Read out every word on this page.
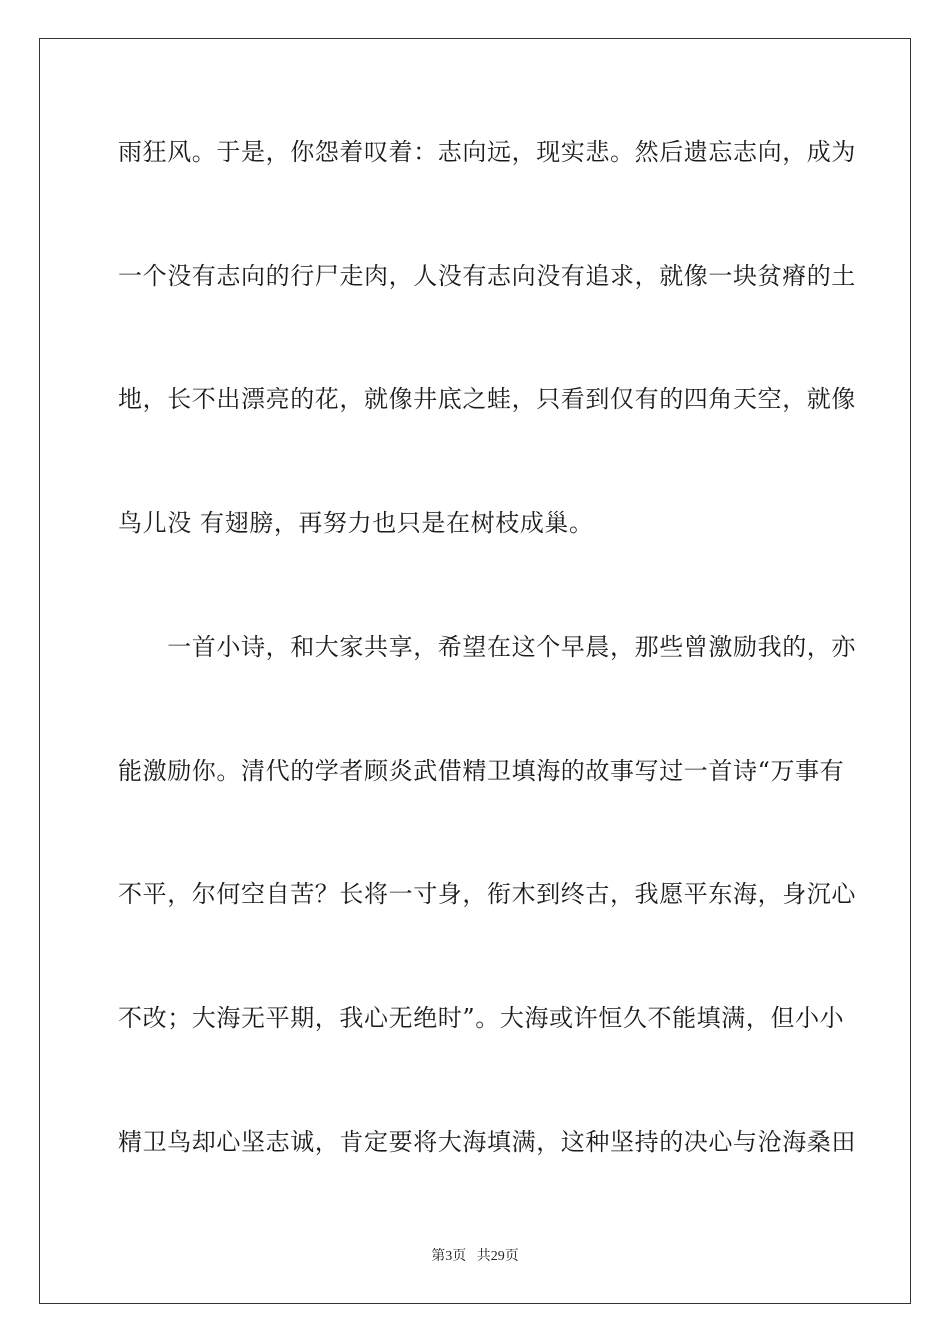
雨狂风。于是，你怨着叹着：志向远，现实悲。然后遗忘志向，成为
一个没有志向的行尸走肉，人没有志向没有追求，就像一块贫瘠的土
地，长不出漂亮的花，就像井底之蛙，只看到仅有的四角天空，就像
鸟儿没 有翅膀，再努力也只是在树枝成巢。
　　一首小诗，和大家共享，希望在这个早晨，那些曾激励我的，亦
能激励你。清代的学者顾炎武借精卫填海的故事写过一首诗“万事有
不平，尔何空自苦？长将一寸身，衔木到终古，我愿平东海，身沉心
不改；大海无平期，我心无绝时”。大海或许恒久不能填满，但小小
精卫鸟却心坚志诚，肯定要将大海填满，这种坚持的决心与沧海桑田
第3页 共29页
